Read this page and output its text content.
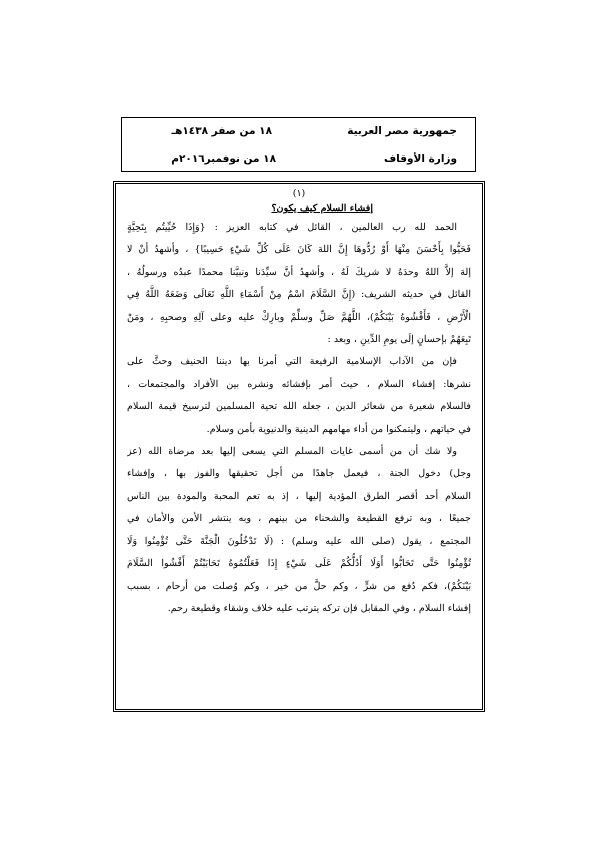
جمهورية مصر العربية
١٨ من صفر ١٤٣٨هـ
وزارة الأوقاف
١٨ من نوفمبر٢٠١٦م
(١)
إفشاء السلام كيف يكون؟
الحمد لله رب العالمين ، القائل في كتابه العزيز : {وَإِذَا حُيِّيتُم بِتَحِيَّةٍ
فَحَيُّوا بِأَحْسَنَ مِنْهَا أَوْ رُدُّوهَا إِنَّ اللهَ كَانَ عَلَى كُلِّ شَيْءٍ حَسِيبًا} ، وأشهدُ أنْ لا
إلهَ إلاَّ اللهُ وحدَهُ لا شريكَ لَهُ ، وأشهدُ أنَّ سيِّدَنا ونبيَّنا محمدًا عبدُه ورسولُهُ ،
القائل في حديثه الشريف: (إِنَّ السَّلَامَ اسْمٌ مِنْ أَسْمَاءِ اللَّهِ تَعَالَى وَضَعَهُ اللَّهُ فِي
الْأَرْضِ ، فَأَفْشُوهُ بَيْنَكُمْ)، اللَّهُمَّ صَلِّ وسلِّمْ وبارِكْ عليه وعلى آلِهِ وصحبِهِ ، ومَنْ
تَبِعَهُمْ بإحسانٍ إلَى يومِ الدِّينِ ، وبعد :
فإن من الآداب الإسلامية الرفيعة التي أمرنا بها ديننا الحنيف وحثَّ على
نشرها: إفشاء السلام ، حيث أمر بإفشائه ونشره بين الأفراد والمجتمعات ،
فالسلام شعيرة من شعائر الدين ، جعله الله تحية المسلمين لترسيخ قيمة السلام
في حياتهم ، وليتمكنوا من أداء مهامهم الدينية والدنيوية بأمن وسلام.
ولا شك أن من أسمى غايات المسلم التي يسعى إليها بعد مرضاة الله (عز
وجل) دخول الجنة ، فيعمل جاهدًا من أجل تحقيقها والفوز بها ، وإفشاء
السلام أحد أقصر الطرق المؤدية إليها ، إذ به تعم المحبة والمودة بين الناس
جميعًا ، وبه ترفع القطيعة والشحناء من بينهم ، وبه ينتشر الأمن والأمان في
المجتمع ، يقول (صلى الله عليه وسلم) : (لَا تَدْخُلُونَ الْجَنَّةَ حَتَّى تُؤْمِنُوا وَلَا
تُؤْمِنُوا حَتَّى تَحَابُّوا أَوَلَا أَدُلُّكُمْ عَلَى شَيْءٍ إِذَا فَعَلْتُمُوهُ تَحَابَبْتُمْ أَفْشُوا السَّلَامَ
بَيْنَكُمْ)، فكم دُفع من شرٍّ ، وكم حلَّ من خير ، وكم وُصلت من أرحام ، بسبب
إفشاء السلام ، وفي المقابل فإن تركه يترتب عليه خلاف وشقاء وقطيعة رحم.
